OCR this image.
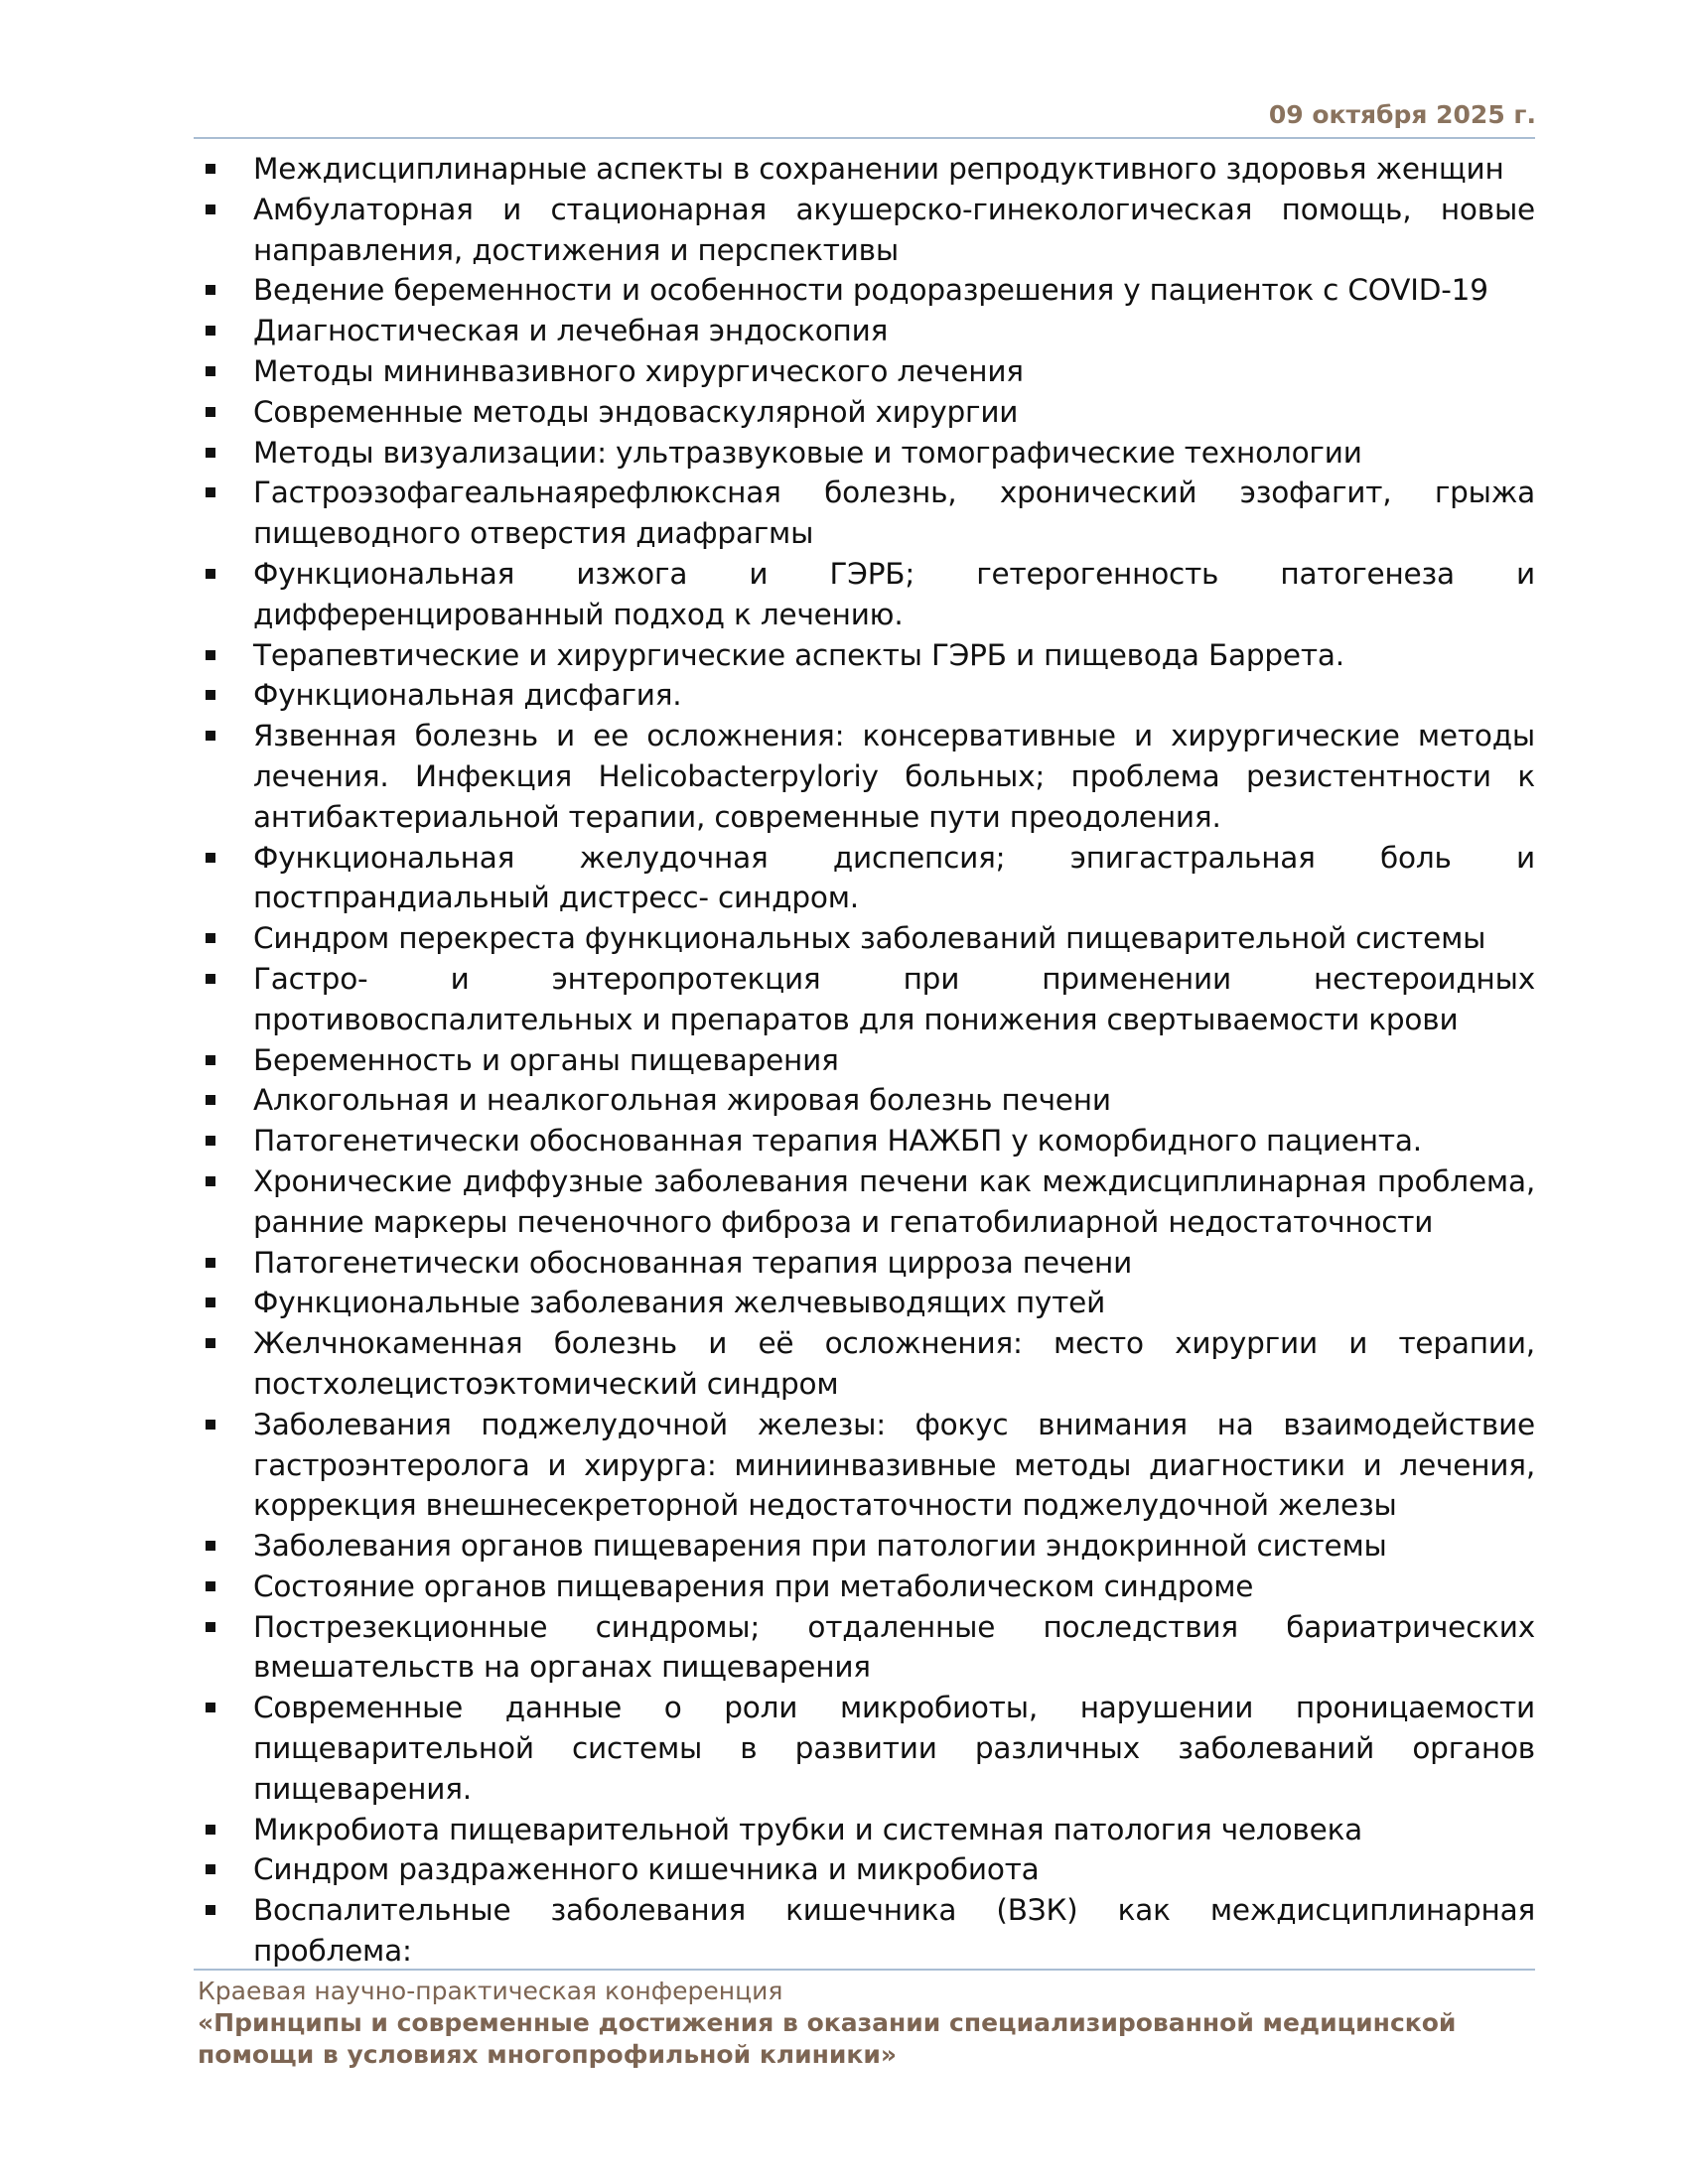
09 октября 2025 г.
Междисциплинарные аспекты в сохранении репродуктивного здоровья женщин
Амбулаторная и стационарная акушерско-гинекологическая помощь, новые направления, достижения и перспективы
Ведение беременности и особенности родоразрешения у пациенток с COVID-19
Диагностическая и лечебная эндоскопия
Методы мининвазивного хирургического лечения
Современные методы эндоваскулярной хирургии
Методы визуализации: ультразвуковые и томографические технологии
Гастроэзофагеальнаярефлюксная болезнь, хронический эзофагит, грыжа пищеводного отверстия диафрагмы
Функциональная изжога и ГЭРБ; гетерогенность патогенеза и дифференцированный подход к лечению.
Терапевтические и хирургические аспекты ГЭРБ и пищевода Баррета.
Функциональная дисфагия.
Язвенная болезнь и ее осложнения: консервативные и хирургические методы лечения. Инфекция Helicobacterpyloriy больных; проблема резистентности к антибактериальной терапии, современные пути преодоления.
Функциональная желудочная диспепсия; эпигастральная боль и постпрандиальный дистресс- синдром.
Синдром перекреста функциональных заболеваний пищеварительной системы
Гастро- и энтеропротекция при применении нестероидных противовоспалительных и препаратов для понижения свертываемости крови
Беременность и органы пищеварения
Алкогольная и неалкогольная жировая болезнь печени
Патогенетически обоснованная терапия НАЖБП у коморбидного пациента.
Хронические диффузные заболевания печени как междисциплинарная проблема, ранние маркеры печеночного фиброза и гепатобилиарной недостаточности
Патогенетически обоснованная терапия цирроза печени
Функциональные заболевания желчевыводящих путей
Желчнокаменная болезнь и её осложнения: место хирургии и терапии, постхолецистоэктомический синдром
Заболевания поджелудочной железы: фокус внимания на взаимодействие гастроэнтеролога и хирурга: миниинвазивные методы диагностики и лечения, коррекция внешнесекреторной недостаточности поджелудочной железы
Заболевания органов пищеварения при патологии эндокринной системы
Состояние органов пищеварения при метаболическом синдроме
Пострезекционные синдромы; отдаленные последствия бариатрических вмешательств на органах пищеварения
Современные данные о роли микробиоты, нарушении проницаемости пищеварительной системы в развитии различных заболеваний органов пищеварения.
Микробиота пищеварительной трубки и системная патология человека
Синдром раздраженного кишечника и микробиота
Воспалительные заболевания кишечника (ВЗК) как междисциплинарная проблема:
Краевая научно-практическая конференция
«Принципы и современные достижения в оказании специализированной медицинской помощи в условиях многопрофильной клиники»
